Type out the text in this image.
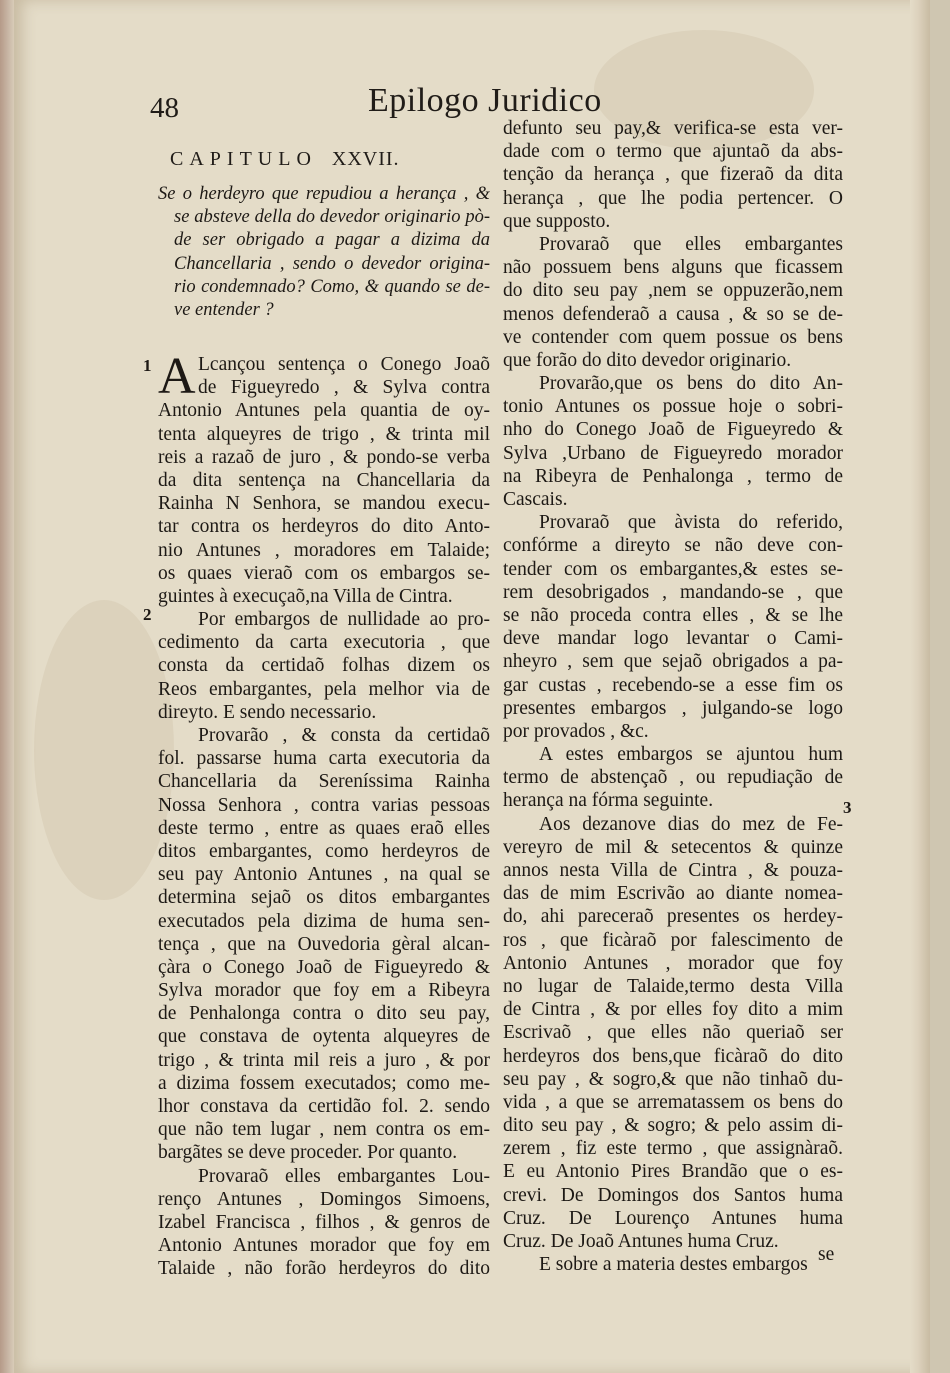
48	Epilogo Juridico
CAPITULO XXVII.
1
2
3
Se o herdeyro que repudiou a herança , &
se absteve della do devedor originario pò-
de ser obrigado a pagar a dizima da
Chancellaria , sendo o devedor origina-
rio condemnado? Como, & quando se de-
ve entender ?
A Lcançou sentença o Conego Joaõ
de Figueyredo , & Sylva contra
Antonio Antunes pela quantia de oy-
tenta alqueyres de trigo , & trinta mil
reis a razaõ de juro , & pondo-se verba
da dita sentença na Chancellaria da
Rainha N Senhora, se mandou execu-
tar contra os herdeyros do dito Anto-
nio Antunes , moradores em Talaide;
os quaes vieraõ com os embargos se-
guintes à execuçaõ,na Villa de Cintra.
Por embargos de nullidade ao pro-
cedimento da carta executoria , que
consta da certidaõ folhas dizem os
Reos embargantes, pela melhor via de
direyto. E sendo necessario.
Provarão , & consta da certidaõ
fol. passarse huma carta executoria da
Chancellaria da Sereníssima Rainha
Nossa Senhora , contra varias pessoas
deste termo , entre as quaes eraõ elles
ditos embargantes, como herdeyros de
seu pay Antonio Antunes , na qual se
determina sejaõ os ditos embargantes
executados pela dizima de huma sen-
tença , que na Ouvedoria gèral alcan-
çàra o Conego Joaõ de Figueyredo &
Sylva morador que foy em a Ribeyra
de Penhalonga contra o dito seu pay,
que constava de oytenta alqueyres de
trigo , & trinta mil reis a juro , & por
a dizima fossem executados; como me-
lhor constava da certidão fol. 2. sendo
que não tem lugar , nem contra os em-
bargãtes se deve proceder. Por quanto.
Provaraõ elles embargantes Lou-
renço Antunes , Domingos Simoens,
Izabel Francisca , filhos , & genros de
Antonio Antunes morador que foy em
Talaide , não forão herdeyros do dito
defunto seu pay,& verifica-se esta ver-
dade com o termo que ajuntaõ da abs-
tenção da herança , que fizeraõ da dita
herança , que lhe podia pertencer. O
que supposto.
Provaraõ que elles embargantes
não possuem bens alguns que ficassem
do dito seu pay ,nem se oppuzerão,nem
menos defenderaõ a causa , & so se de-
ve contender com quem possue os bens
que forão do dito devedor originario.
Provarão,que os bens do dito An-
tonio Antunes os possue hoje o sobri-
nho do Conego Joaõ de Figueyredo &
Sylva ,Urbano de Figueyredo morador
na Ribeyra de Penhalonga , termo de
Cascais.
Provaraõ que àvista do referido,
confórme a direyto se não deve con-
tender com os embargantes,& estes se-
rem desobrigados , mandando-se , que
se não proceda contra elles , & se lhe
deve mandar logo levantar o Cami-
nheyro , sem que sejaõ obrigados a pa-
gar custas , recebendo-se a esse fim os
presentes embargos , julgando-se logo
por provados , &c.
A estes embargos se ajuntou hum
termo de abstençaõ , ou repudiação de
herança na fórma seguinte.
Aos dezanove dias do mez de Fe-
vereyro de mil & setecentos & quinze
annos nesta Villa de Cintra , & pouza-
das de mim Escrivão ao diante nomea-
do, ahi pareceraõ presentes os herdey-
ros , que ficàraõ por falescimento de
Antonio Antunes , morador que foy
no lugar de Talaide,termo desta Villa
de Cintra , & por elles foy dito a mim
Escrivaõ , que elles não queriaõ ser
herdeyros dos bens,que ficàraõ do dito
seu pay , & sogro,& que não tinhaõ du-
vida , a que se arrematassem os bens do
dito seu pay , & sogro; & pelo assim di-
zerem , fiz este termo , que assignàraõ.
E eu Antonio Pires Brandão que o es-
crevi. De Domingos dos Santos huma
Cruz. De Lourenço Antunes huma
Cruz. De Joaõ Antunes huma Cruz.
E sobre a materia destes embargos se
